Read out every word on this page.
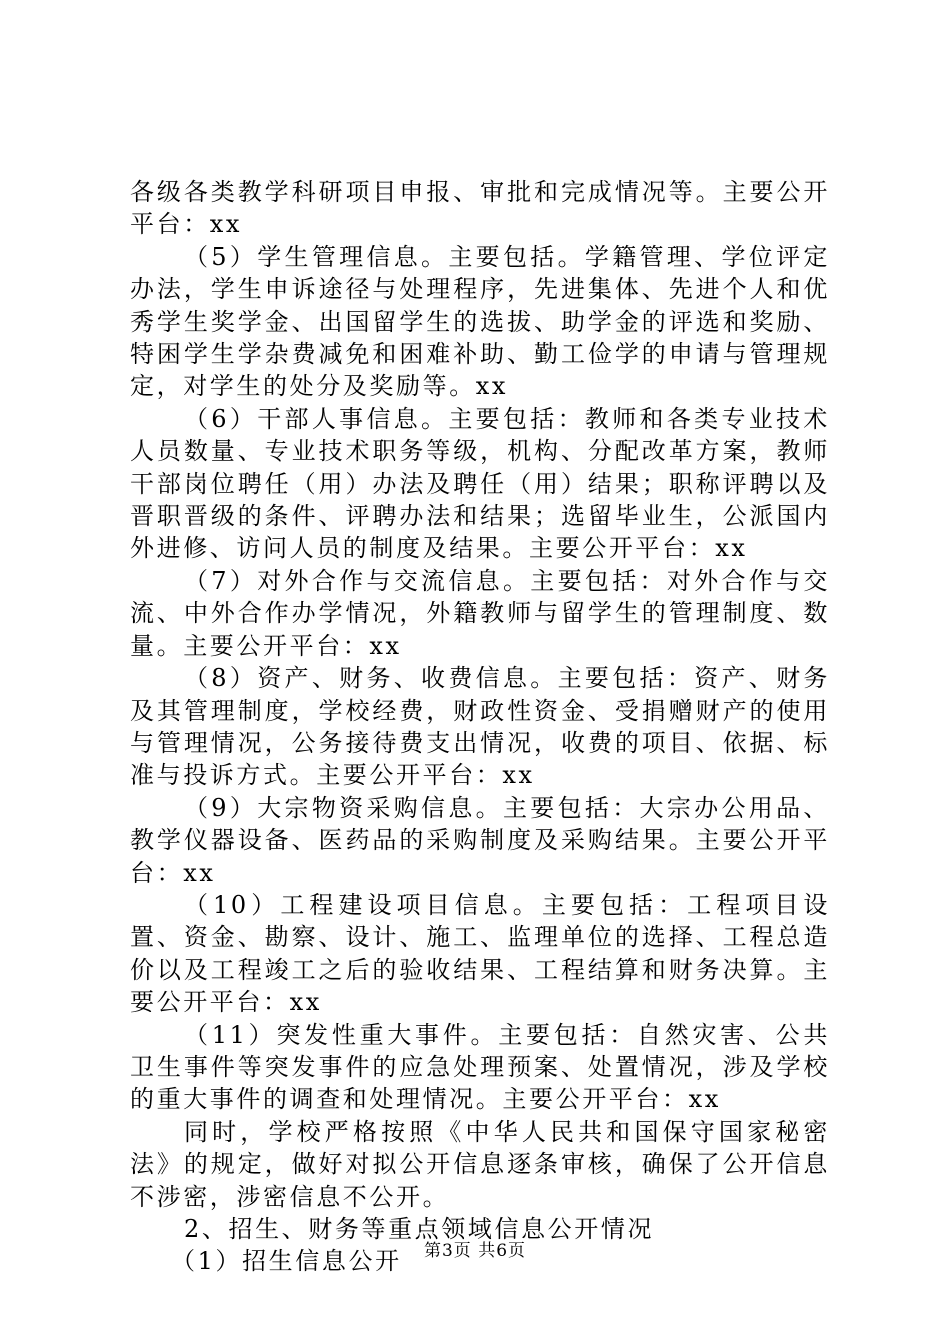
各级各类教学科研项目申报、审批和完成情况等。主要公开平台：xx

（5）学生管理信息。主要包括。学籍管理、学位评定办法，学生申诉途径与处理程序，先进集体、先进个人和优秀学生奖学金、出国留学生的选拔、助学金的评选和奖励、特困学生学杂费减免和困难补助、勤工俭学的申请与管理规定，对学生的处分及奖励等。xx

（6）干部人事信息。主要包括：教师和各类专业技术人员数量、专业技术职务等级，机构、分配改革方案，教师干部岗位聘任（用）办法及聘任（用）结果；职称评聘以及晋职晋级的条件、评聘办法和结果；选留毕业生，公派国内外进修、访问人员的制度及结果。主要公开平台：xx

（7）对外合作与交流信息。主要包括：对外合作与交流、中外合作办学情况，外籍教师与留学生的管理制度、数量。主要公开平台：xx

（8）资产、财务、收费信息。主要包括：资产、财务及其管理制度，学校经费，财政性资金、受捐赠财产的使用与管理情况，公务接待费支出情况，收费的项目、依据、标准与投诉方式。主要公开平台：xx

（9）大宗物资采购信息。主要包括：大宗办公用品、教学仪器设备、医药品的采购制度及采购结果。主要公开平台：xx

（10）工程建设项目信息。主要包括：工程项目设置、资金、勘察、设计、施工、监理单位的选择、工程总造价以及工程竣工之后的验收结果、工程结算和财务决算。主要公开平台：xx

（11）突发性重大事件。主要包括：自然灾害、公共卫生事件等突发事件的应急处理预案、处置情况，涉及学校的重大事件的调查和处理情况。主要公开平台：xx

同时，学校严格按照《中华人民共和国保守国家秘密法》的规定，做好对拟公开信息逐条审核，确保了公开信息不涉密，涉密信息不公开。

2、招生、财务等重点领域信息公开情况

（1）招生信息公开	第3页 共6页
